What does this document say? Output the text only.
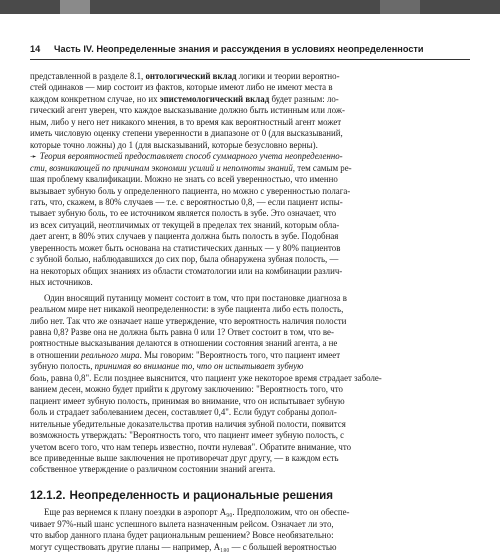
14 Часть IV. Неопределенные знания и рассуждения в условиях неопределенности

представленной в разделе 8.1, онтологический вклад логики и теории вероятно-
стей одинаков — мир состоит из фактов, которые имеют либо не имеют места в
каждом конкретном случае, но их эпистемологический вклад будет разным: ло-
гический агент уверен, что каждое высказывание должно быть истинным или лож-
ным, либо у него нет никакого мнения, в то время как вероятностный агент может
иметь числовую оценку степени уверенности в диапазоне от 0 (для высказываний,
которые точно ложны) до 1 (для высказываний, которые безусловно верны).

➛ Теория вероятностей предоставляет способ суммарного учета неопределенно-
сти, возникающей по причинам экономии усилий и неполноты знаний, тем самым ре-
шая проблему квалификации. Можно не знать со всей уверенностью, что именно
вызывает зубную боль у определенного пациента, но можно с уверенностью полага-
гать, что, скажем, в 80% случаев — т.е. с вероятностью 0,8, — если пациент испы-
тывает зубную боль, то ее источником является полость в зубе. Это означает, что
из всех ситуаций, неотличимых от текущей в пределах тех знаний, которым обла-
дает агент, в 80% этих случаев у пациента должна быть полость в зубе. Подобная
уверенность может быть основана на статистических данных — у 80% пациентов
с зубной болью, наблюдавшихся до сих пор, была обнаружена зубная полость, —
на некоторых общих знаниях из области стоматологии или на комбинации различ-
ных источников.

Один вносящий путаницу момент состоит в том, что при постановке диагноза в
реальном мире нет никакой неопределенности: в зубе пациента либо есть полость,
либо нет. Так что же означает наше утверждение, что вероятность наличия полости
равна 0,8? Разве она не должна быть равна 0 или 1? Ответ состоит в том, что ве-
роятностные высказывания делаются в отношении состояния знаний агента, а не
в отношении реального мира. Мы говорим: "Вероятность того, что пациент имеет
зубную полость, принимая во внимание то, что он испытывает зубную
боль, равна 0,8". Если позднее выяснится, что пациент уже некоторое время страдает заболе-
ванием десен, можно будет прийти к другому заключению: "Вероятность того, что
пациент имеет зубную полость, принимая во внимание, что он испытывает зубную
боль и страдает заболеванием десен, составляет 0,4". Если будут собраны допол-
нительные убедительные доказательства против наличия зубной полости, появится
возможность утверждать: "Вероятность того, что пациент имеет зубную полость, с
учетом всего того, что нам теперь известно, почти нулевая". Обратите внимание, что
все приведенные выше заключения не противоречат друг другу, — в каждом есть
собственное утверждение о различном состоянии знаний агента.

12.1.2. Неопределенность и рациональные решения

Еще раз вернемся к плану поездки в аэропорт A₉₀. Предположим, что он обеспе-
чивает 97%-ный шанс успешного вылета назначенным рейсом. Означает ли это,
что выбор данного плана будет рациональным решением? Вовсе необязательно:
могут существовать другие планы — например, A₁₈₀ — с большей вероятностью
